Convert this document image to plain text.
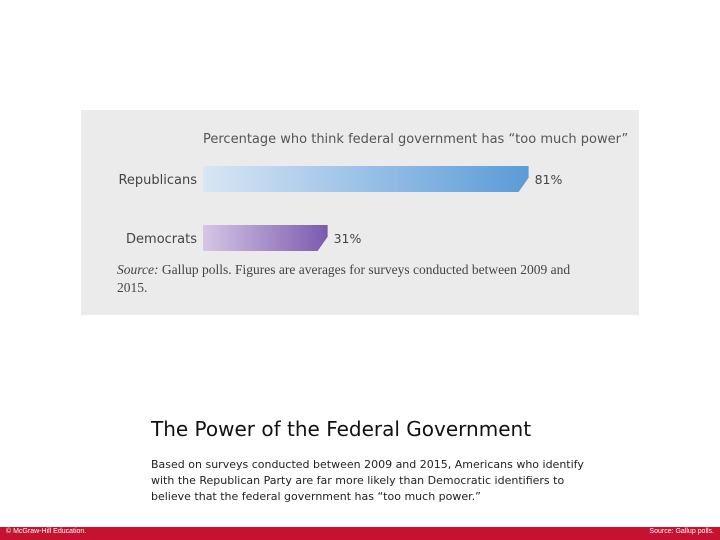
Percentage who think federal government has “too much power”
Republicans	81%
Democrats	31%
Source: Gallup polls. Figures are averages for surveys conducted between 2009 and 2015.
The Power of the Federal Government
Based on surveys conducted between 2009 and 2015, Americans who identify with the Republican Party are far more likely than Democratic identifiers to believe that the federal government has “too much power.”
© McGraw-Hill Education.	Source: Gallup polls.
